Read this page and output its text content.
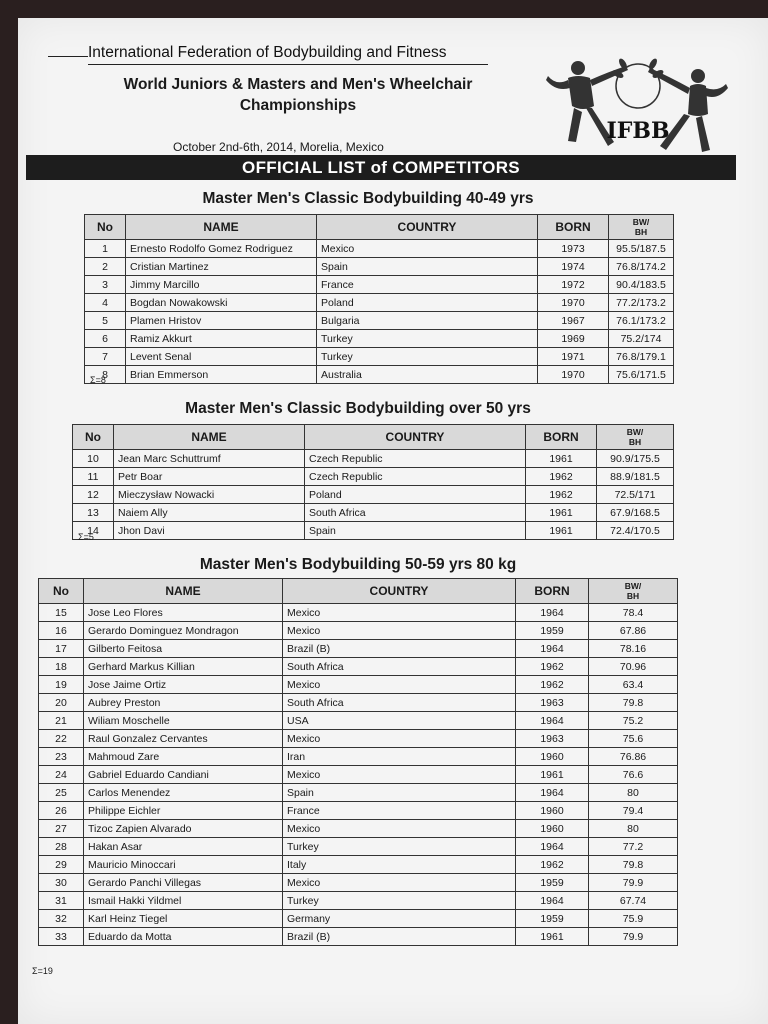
International Federation of Bodybuilding and Fitness
World Juniors & Masters and Men's Wheelchair
Championships
October 2nd-6th, 2014, Morelia, Mexico
IFBB
OFFICIAL LIST of COMPETITORS
Master Men's Classic Bodybuilding 40-49 yrs
No	NAME	COUNTRY	BORN	BW/
BH
1	Ernesto Rodolfo Gomez Rodriguez	Mexico	1973	95.5/187.5
2	Cristian Martinez	Spain	1974	76.8/174.2
3	Jimmy Marcillo	France	1972	90.4/183.5
4	Bogdan Nowakowski	Poland	1970	77.2/173.2
5	Plamen Hristov	Bulgaria	1967	76.1/173.2
6	Ramiz Akkurt	Turkey	1969	75.2/174
7	Levent Senal	Turkey	1971	76.8/179.1
8	Brian Emmerson	Australia	1970	75.6/171.5
Σ=8
Master Men's Classic Bodybuilding over 50 yrs
No	NAME	COUNTRY	BORN	BW/
BH
10	Jean Marc Schuttrumf	Czech Republic	1961	90.9/175.5
11	Petr Boar	Czech Republic	1962	88.9/181.5
12	Mieczysław Nowacki	Poland	1962	72.5/171
13	Naiem Ally	South Africa	1961	67.9/168.5
14	Jhon Davi	Spain	1961	72.4/170.5
Σ=5
Master Men's Bodybuilding 50-59 yrs 80 kg
No	NAME	COUNTRY	BORN	BW/
BH
15	Jose Leo Flores	Mexico	1964	78.4
16	Gerardo Dominguez Mondragon	Mexico	1959	67.86
17	Gilberto Feitosa	Brazil (B)	1964	78.16
18	Gerhard Markus Killian	South Africa	1962	70.96
19	Jose Jaime Ortiz	Mexico	1962	63.4
20	Aubrey Preston	South Africa	1963	79.8
21	Wiliam Moschelle	USA	1964	75.2
22	Raul Gonzalez Cervantes	Mexico	1963	75.6
23	Mahmoud Zare	Iran	1960	76.86
24	Gabriel Eduardo Candiani	Mexico	1961	76.6
25	Carlos Menendez	Spain	1964	80
26	Philippe Eichler	France	1960	79.4
27	Tizoc Zapien Alvarado	Mexico	1960	80
28	Hakan Asar	Turkey	1964	77.2
29	Mauricio Minoccari	Italy	1962	79.8
30	Gerardo Panchi Villegas	Mexico	1959	79.9
31	Ismail Hakki Yildmel	Turkey	1964	67.74
32	Karl Heinz Tiegel	Germany	1959	75.9
33	Eduardo da Motta	Brazil (B)	1961	79.9
Σ=19
